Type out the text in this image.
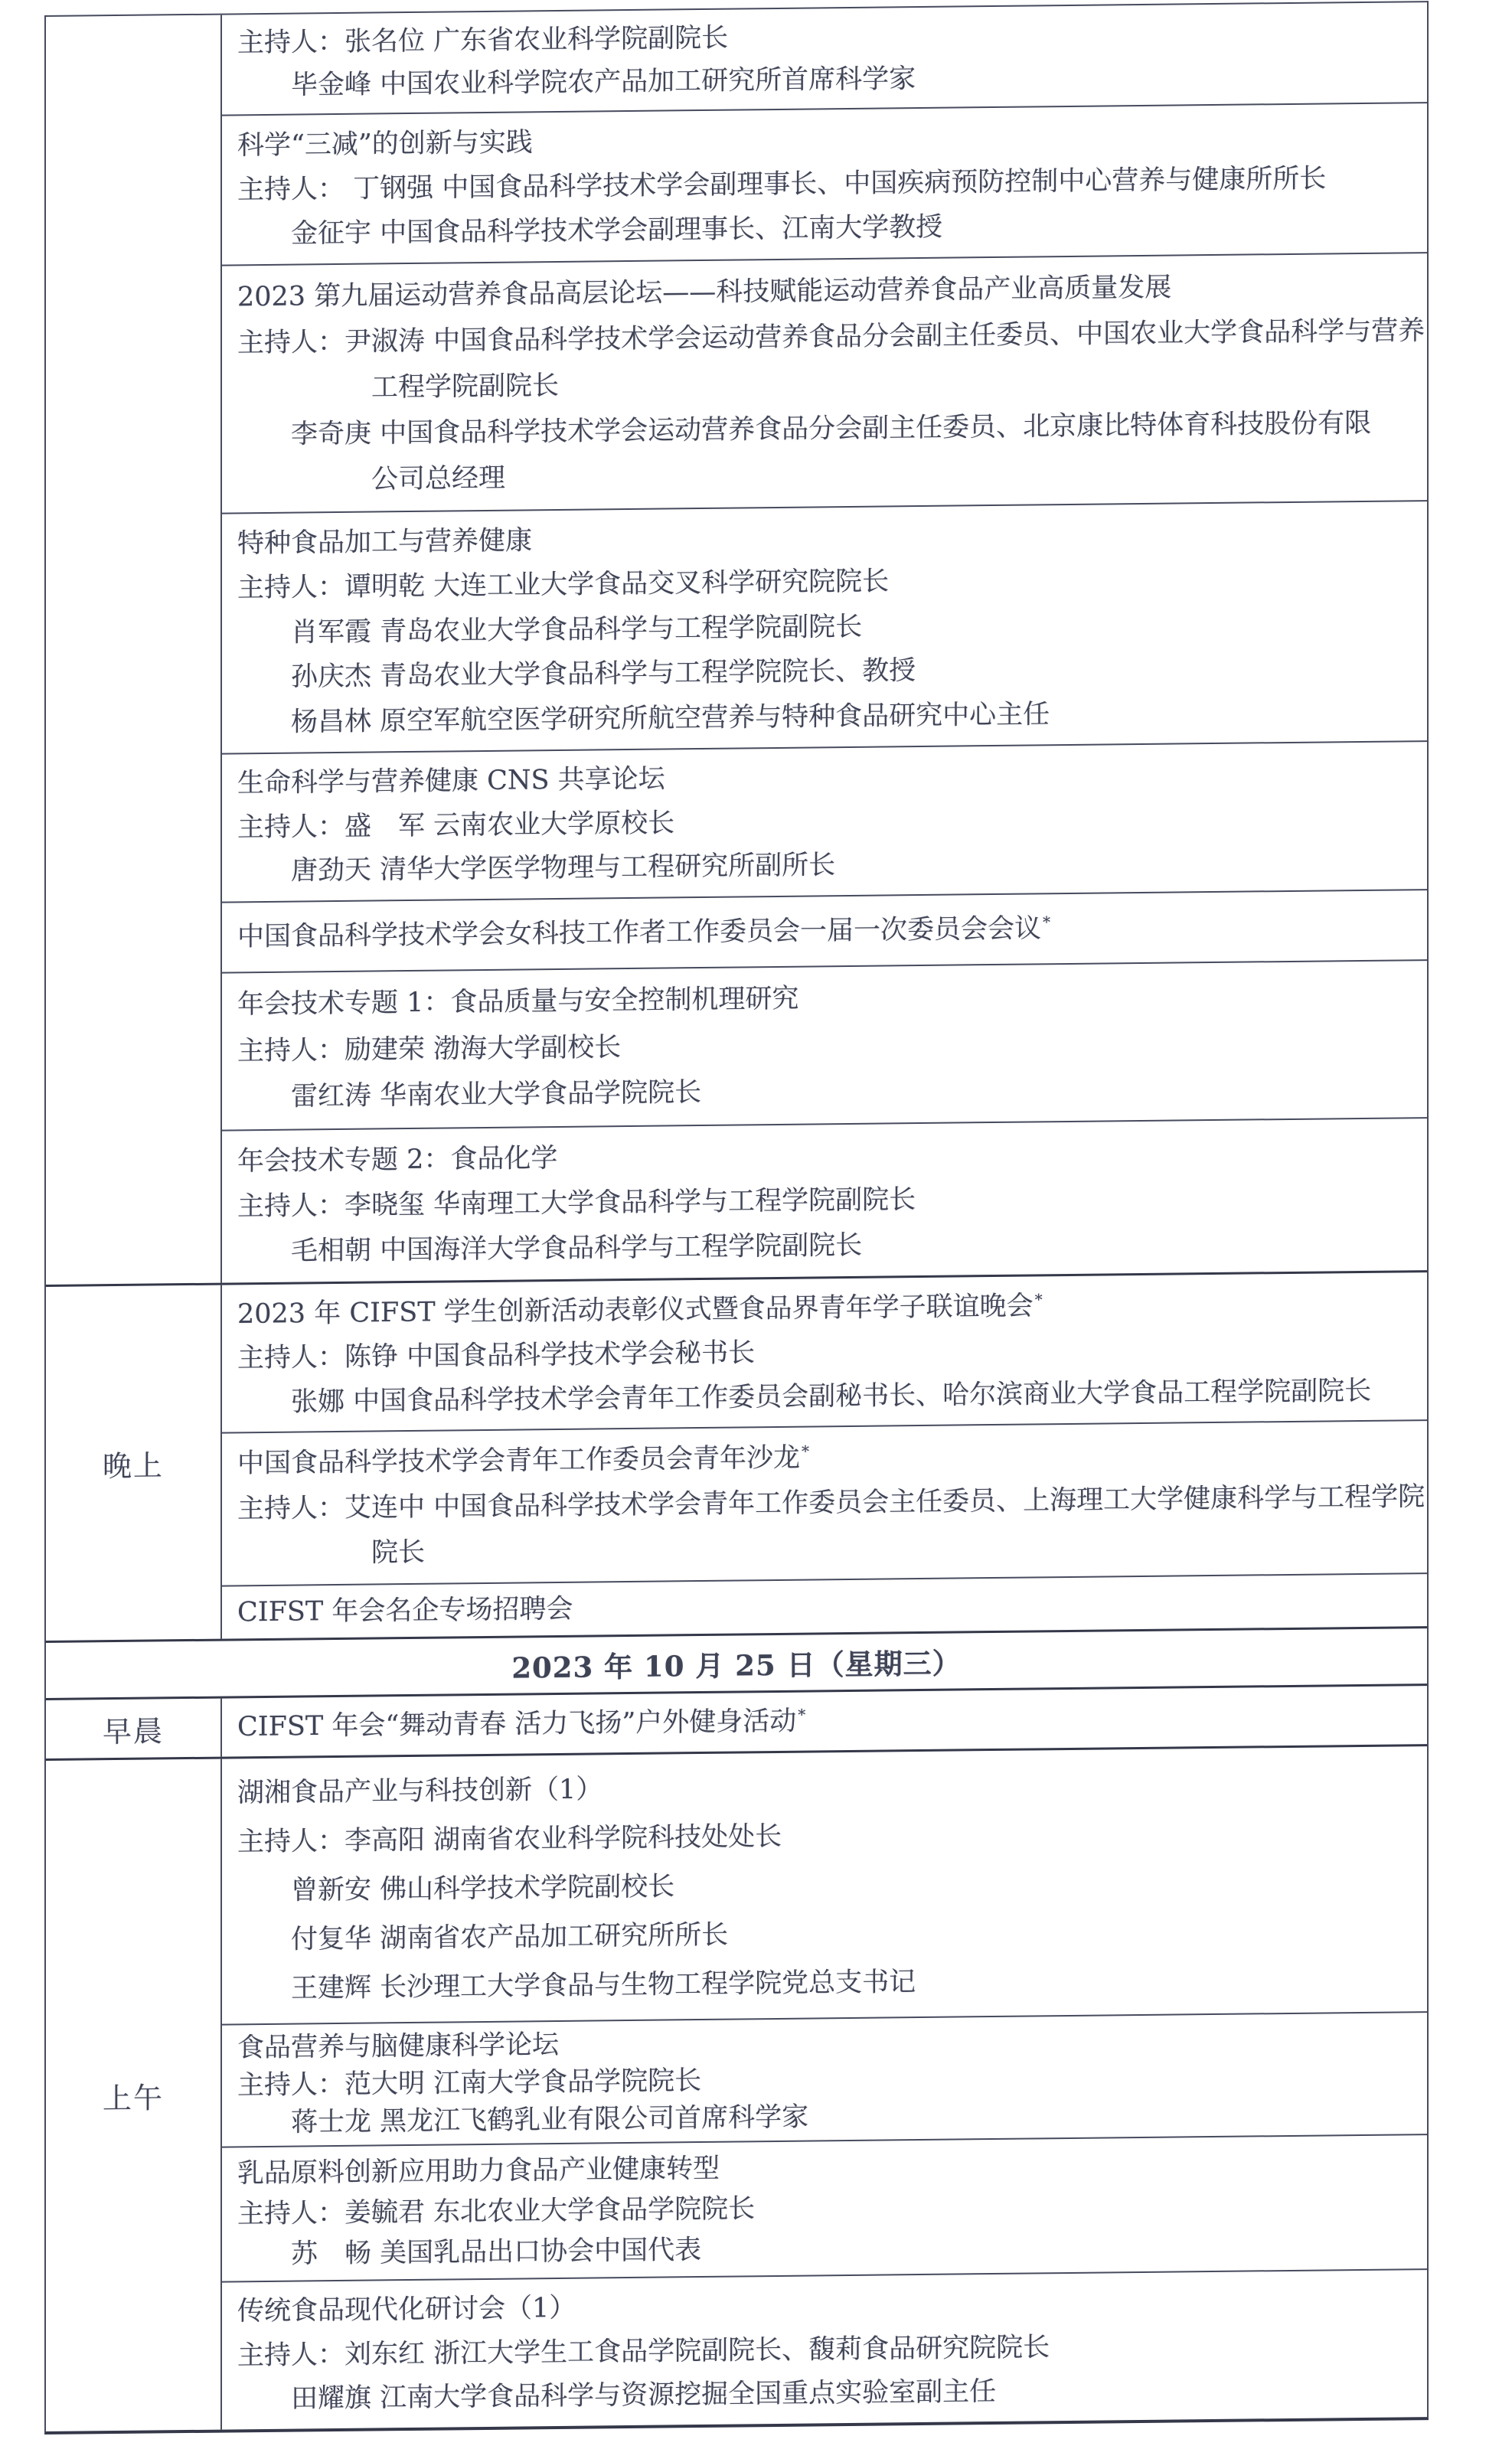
主持人：张名位 广东省农业科学院副院长
毕金峰 中国农业科学院农产品加工研究所首席科学家
科学“三减”的创新与实践
主持人： 丁钢强 中国食品科学技术学会副理事长、中国疾病预防控制中心营养与健康所所长
金征宇 中国食品科学技术学会副理事长、江南大学教授
2023 第九届运动营养食品高层论坛——科技赋能运动营养食品产业高质量发展
主持人：尹淑涛 中国食品科学技术学会运动营养食品分会副主任委员、中国农业大学食品科学与营养
工程学院副院长
李奇庚 中国食品科学技术学会运动营养食品分会副主任委员、北京康比特体育科技股份有限
公司总经理
特种食品加工与营养健康
主持人：谭明乾 大连工业大学食品交叉科学研究院院长
肖军霞 青岛农业大学食品科学与工程学院副院长
孙庆杰 青岛农业大学食品科学与工程学院院长、教授
杨昌林 原空军航空医学研究所航空营养与特种食品研究中心主任
生命科学与营养健康 CNS 共享论坛
主持人：盛　军 云南农业大学原校长
唐劲天 清华大学医学物理与工程研究所副所长
中国食品科学技术学会女科技工作者工作委员会一届一次委员会会议 *
年会技术专题 1：食品质量与安全控制机理研究
主持人：励建荣 渤海大学副校长
雷红涛 华南农业大学食品学院院长
年会技术专题 2：食品化学
主持人：李晓玺 华南理工大学食品科学与工程学院副院长
毛相朝 中国海洋大学食品科学与工程学院副院长
晚上
2023 年 CIFST 学生创新活动表彰仪式暨食品界青年学子联谊晚会 *
主持人：陈铮 中国食品科学技术学会秘书长
张娜 中国食品科学技术学会青年工作委员会副秘书长、哈尔滨商业大学食品工程学院副院长
中国食品科学技术学会青年工作委员会青年沙龙 *
主持人：艾连中 中国食品科学技术学会青年工作委员会主任委员、上海理工大学健康科学与工程学院
院长
CIFST 年会名企专场招聘会
2023 年 10 月 25 日（星期三）
早晨	CIFST 年会“舞动青春 活力飞扬”户外健身活动 *
上午
湖湘食品产业与科技创新（1）
主持人：李高阳 湖南省农业科学院科技处处长
曾新安 佛山科学技术学院副校长
付复华 湖南省农产品加工研究所所长
王建辉 长沙理工大学食品与生物工程学院党总支书记
食品营养与脑健康科学论坛
主持人：范大明 江南大学食品学院院长
蒋士龙 黑龙江飞鹤乳业有限公司首席科学家
乳品原料创新应用助力食品产业健康转型
主持人：姜毓君 东北农业大学食品学院院长
苏　畅 美国乳品出口协会中国代表
传统食品现代化研讨会（1）
主持人：刘东红 浙江大学生工食品学院副院长、馥莉食品研究院院长
田耀旗 江南大学食品科学与资源挖掘全国重点实验室副主任
